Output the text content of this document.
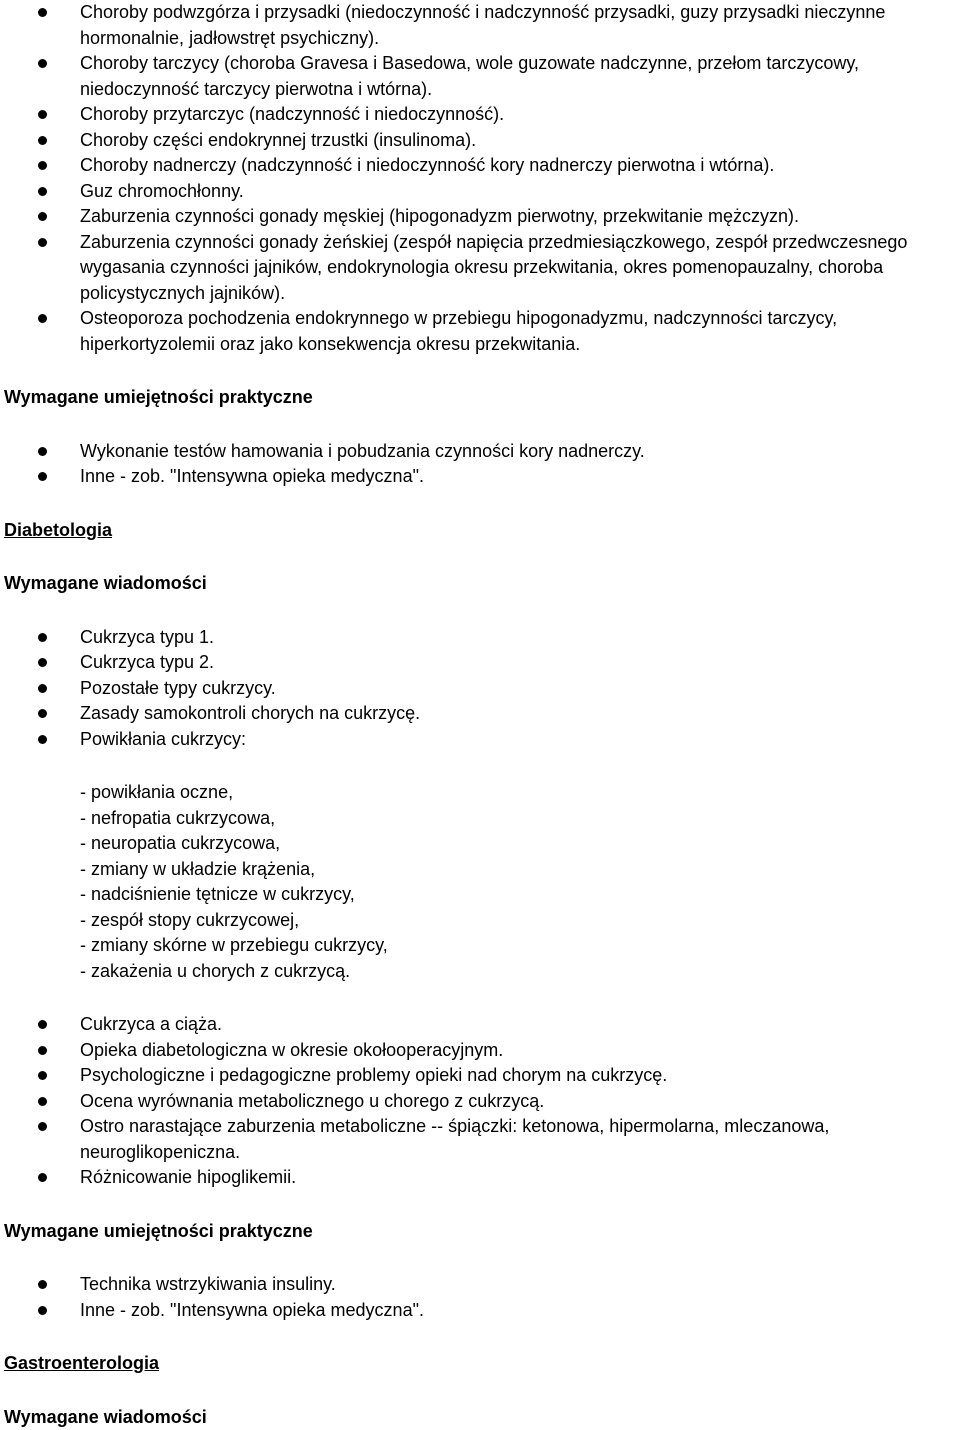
Choroby podwzgórza i przysadki (niedoczynność i nadczynność przysadki, guzy przysadki nieczynne hormonalnie, jadłowstręt psychiczny).
Choroby tarczycy (choroba Gravesa i Basedowa, wole guzowate nadczynne, przełom tarczycowy, niedoczynność tarczycy pierwotna i wtórna).
Choroby przytarczyc (nadczynność i niedoczynność).
Choroby części endokrynnej trzustki (insulinoma).
Choroby nadnerczy (nadczynność i niedoczynność kory nadnerczy pierwotna i wtórna).
Guz chromochłonny.
Zaburzenia czynności gonady męskiej (hipogonadyzm pierwotny, przekwitanie mężczyzn).
Zaburzenia czynności gonady żeńskiej (zespół napięcia przedmiesiączkowego, zespół przedwczesnego wygasania czynności jajników, endokrynologia okresu przekwitania, okres pomenopauzalny, choroba policystycznych jajników).
Osteoporoza pochodzenia endokrynnego w przebiegu hipogonadyzmu, nadczynności tarczycy, hiperkortyzolemii oraz jako konsekwencja okresu przekwitania.

Wymagane umiejętności praktyczne

Wykonanie testów hamowania i pobudzania czynności kory nadnerczy.
Inne - zob. "Intensywna opieka medyczna".

Diabetologia

Wymagane wiadomości

Cukrzyca typu 1.
Cukrzyca typu 2.
Pozostałe typy cukrzycy.
Zasady samokontroli chorych na cukrzycę.
Powikłania cukrzycy:
- powikłania oczne,
- nefropatia cukrzycowa,
- neuropatia cukrzycowa,
- zmiany w układzie krążenia,
- nadciśnienie tętnicze w cukrzycy,
- zespół stopy cukrzycowej,
- zmiany skórne w przebiegu cukrzycy,
- zakażenia u chorych z cukrzycą.
Cukrzyca a ciąża.
Opieka diabetologiczna w okresie okołooperacyjnym.
Psychologiczne i pedagogiczne problemy opieki nad chorym na cukrzycę.
Ocena wyrównania metabolicznego u chorego z cukrzycą.
Ostro narastające zaburzenia metaboliczne -- śpiączki: ketonowa, hipermolarna, mleczanowa, neuroglikopeniczna.
Różnicowanie hipoglikemii.

Wymagane umiejętności praktyczne

Technika wstrzykiwania insuliny.
Inne - zob. "Intensywna opieka medyczna".

Gastroenterologia

Wymagane wiadomości
